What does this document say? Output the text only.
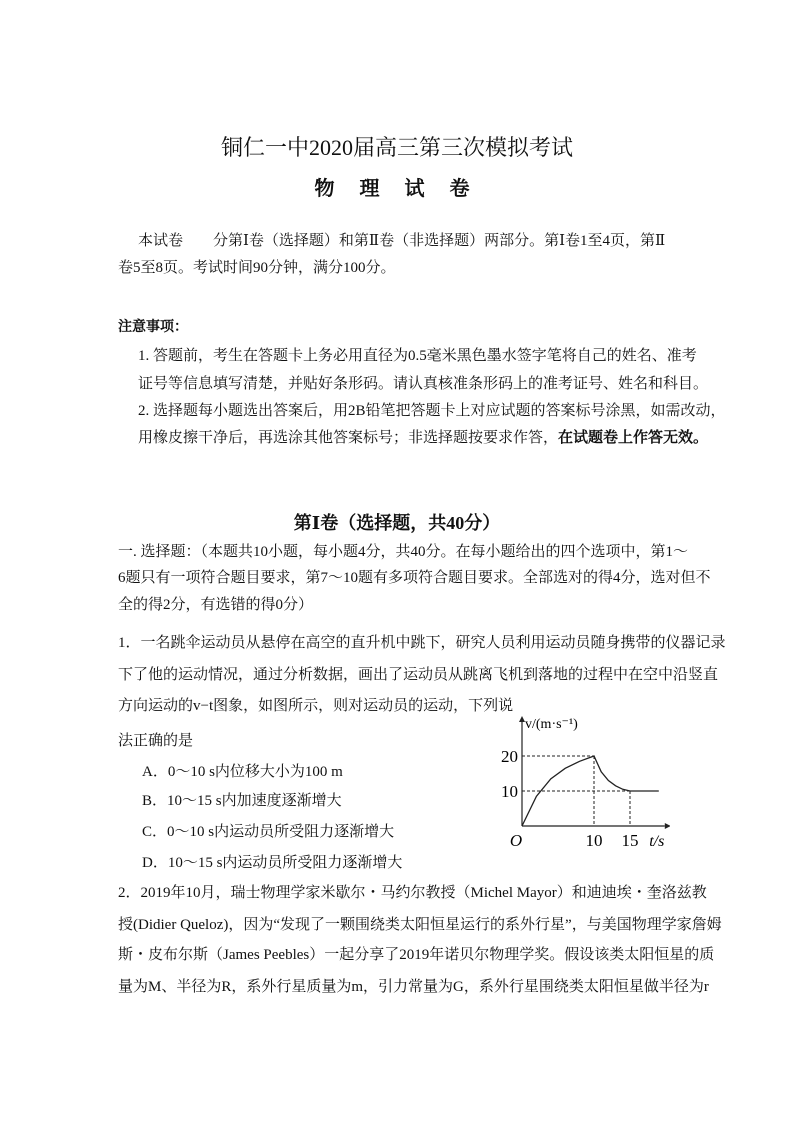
铜仁一中2020届高三第三次模拟考试
物 理 试 卷
本试卷　　分第Ⅰ卷（选择题）和第Ⅱ卷（非选择题）两部分。第Ⅰ卷1至4页，第Ⅱ
卷5至8页。考试时间90分钟，满分100分。
注意事项：
1. 答题前，考生在答题卡上务必用直径为0.5毫米黑色墨水签字笔将自己的姓名、准考
证号等信息填写清楚，并贴好条形码。请认真核准条形码上的准考证号、姓名和科目。
2. 选择题每小题选出答案后，用2B铅笔把答题卡上对应试题的答案标号涂黑，如需改动，
用橡皮擦干净后，再选涂其他答案标号；非选择题按要求作答，在试题卷上作答无效。
第Ⅰ卷（选择题，共40分）
一. 选择题：（本题共10小题，每小题4分，共40分。在每小题给出的四个选项中，第1～
6题只有一项符合题目要求，第7～10题有多项符合题目要求。全部选对的得4分，选对但不
全的得2分，有选错的得0分）
1．一名跳伞运动员从悬停在高空的直升机中跳下，研究人员利用运动员随身携带的仪器记录
下了他的运动情况，通过分析数据，画出了运动员从跳离飞机到落地的过程中在空中沿竖直
方向运动的v−t图象，如图所示，则对运动员的运动，下列说
法正确的是
A．0～10 s内位移大小为100 m
B．10～15 s内加速度逐渐增大
C．0～10 s内运动员所受阻力逐渐增大
D．10～15 s内运动员所受阻力逐渐增大
20
10
10 15
O	t/s
v/(m·s⁻¹)
2．2019年10月，瑞士物理学家米歇尔・马约尔教授（Michel Mayor）和迪迪埃・奎洛兹教
授(Didier Queloz)，因为“发现了一颗围绕类太阳恒星运行的系外行星”，与美国物理学家詹姆
斯・皮布尔斯（James Peebles）一起分享了2019年诺贝尔物理学奖。假设该类太阳恒星的质
量为M、半径为R，系外行星质量为m，引力常量为G，系外行星围绕类太阳恒星做半径为r
